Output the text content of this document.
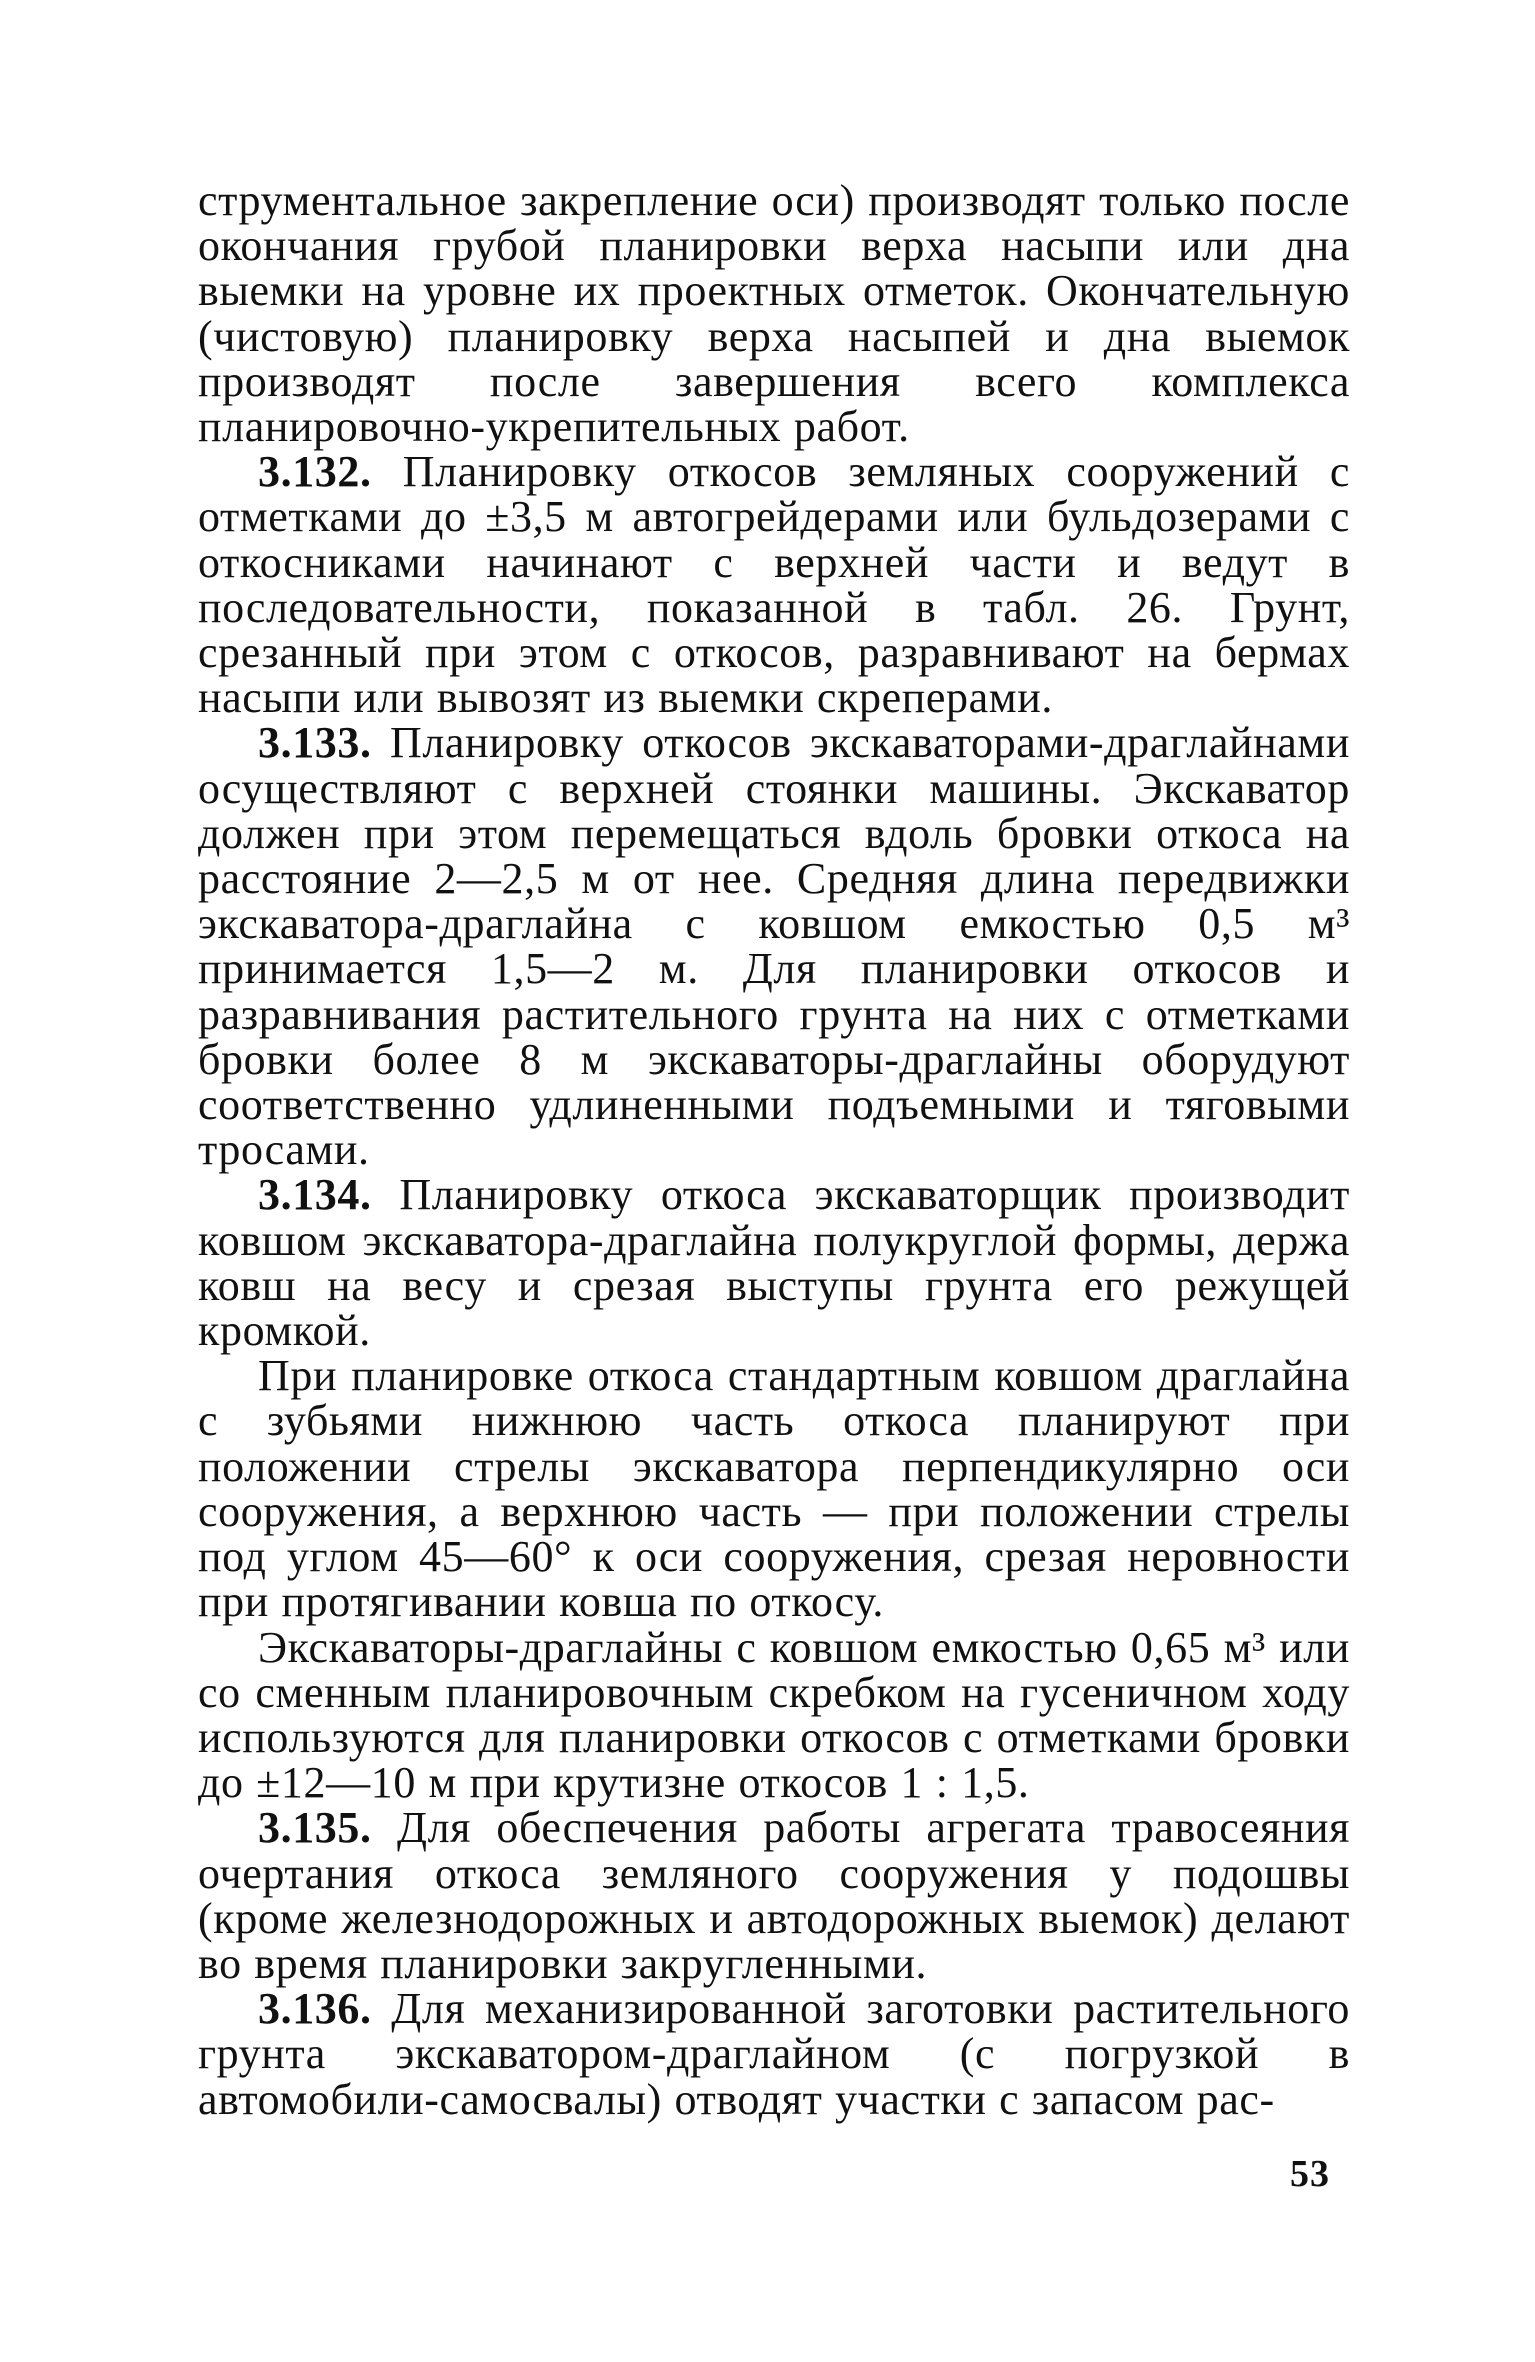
струментальное закрепление оси) производят только после окончания грубой планировки верха насыпи или дна выемки на уровне их проектных отметок. Окончательную (чистовую) планировку верха насыпей и дна выемок производят после завершения всего комплекса планировочно-укрепительных работ.

3.132. Планировку откосов земляных сооружений с отметками до ±3,5 м автогрейдерами или бульдозерами с откосниками начинают с верхней части и ведут в последовательности, показанной в табл. 26. Грунт, срезанный при этом с откосов, разравнивают на бермах насыпи или вывозят из выемки скреперами.

3.133. Планировку откосов экскаваторами-драглайнами осуществляют с верхней стоянки машины. Экскаватор должен при этом перемещаться вдоль бровки откоса на расстояние 2—2,5 м от нее. Средняя длина передвижки экскаватора-драглайна с ковшом емкостью 0,5 м³ принимается 1,5—2 м. Для планировки откосов и разравнивания растительного грунта на них с отметками бровки более 8 м экскаваторы-драглайны оборудуют соответственно удлиненными подъемными и тяговыми тросами.

3.134. Планировку откоса экскаваторщик производит ковшом экскаватора-драглайна полукруглой формы, держа ковш на весу и срезая выступы грунта его режущей кромкой.

При планировке откоса стандартным ковшом драглайна с зубьями нижнюю часть откоса планируют при положении стрелы экскаватора перпендикулярно оси сооружения, а верхнюю часть — при положении стрелы под углом 45—60° к оси сооружения, срезая неровности при протягивании ковша по откосу.

Экскаваторы-драглайны с ковшом емкостью 0,65 м³ или со сменным планировочным скребком на гусеничном ходу используются для планировки откосов с отметками бровки до ±12—10 м при крутизне откосов 1 : 1,5.

3.135. Для обеспечения работы агрегата травосеяния очертания откоса земляного сооружения у подошвы (кроме железнодорожных и автодорожных выемок) делают во время планировки закругленными.

3.136. Для механизированной заготовки растительного грунта экскаватором-драглайном (с погрузкой в автомобили-самосвалы) отводят участки с запасом рас-

53
